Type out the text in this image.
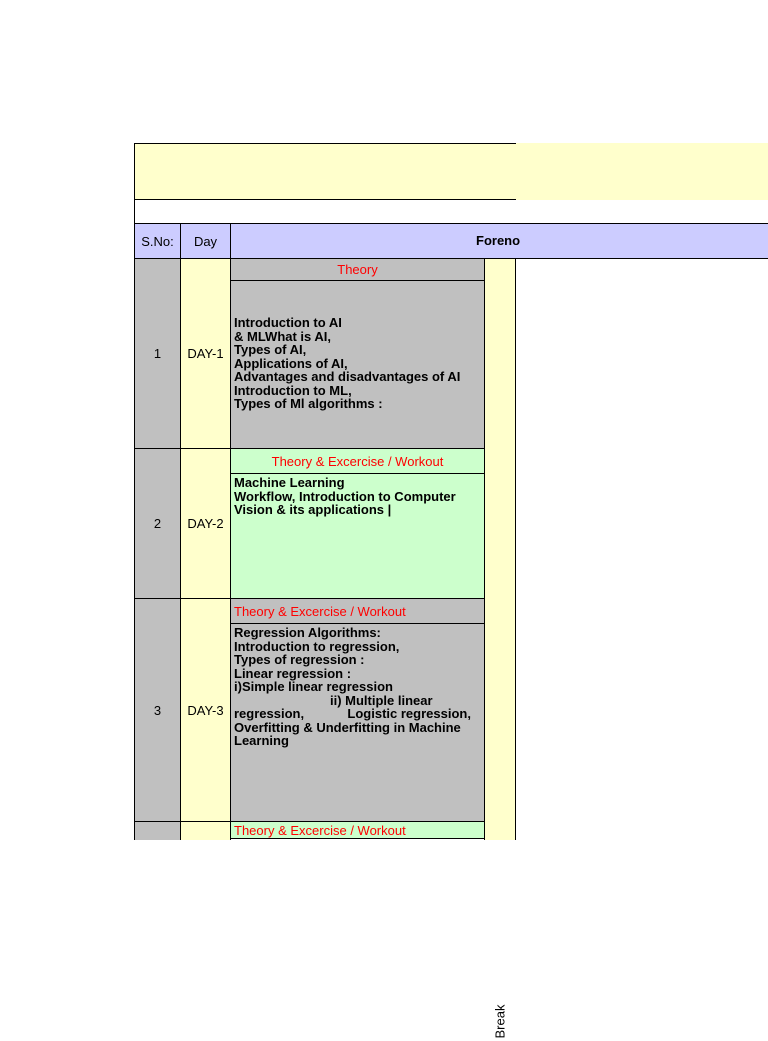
S.No:	Day	Foreno
Break
1	DAY-1
Theory
Introduction to AI
& MLWhat is AI,
Types of AI,
Applications of AI,
Advantages and disadvantages of AI
Introduction to ML,
Types of Ml algorithms :
2	DAY-2
Theory & Excercise / Workout
Machine Learning
Workflow, Introduction to Computer
Vision & its applications |
3	DAY-3
Theory & Excercise / Workout
Regression Algorithms:
Introduction to regression,
Types of regression :
Linear regression :
i)Simple linear regression
ii) Multiple linear
regression,            Logistic regression,
Overfitting & Underfitting in Machine
Learning
Theory & Excercise / Workout
